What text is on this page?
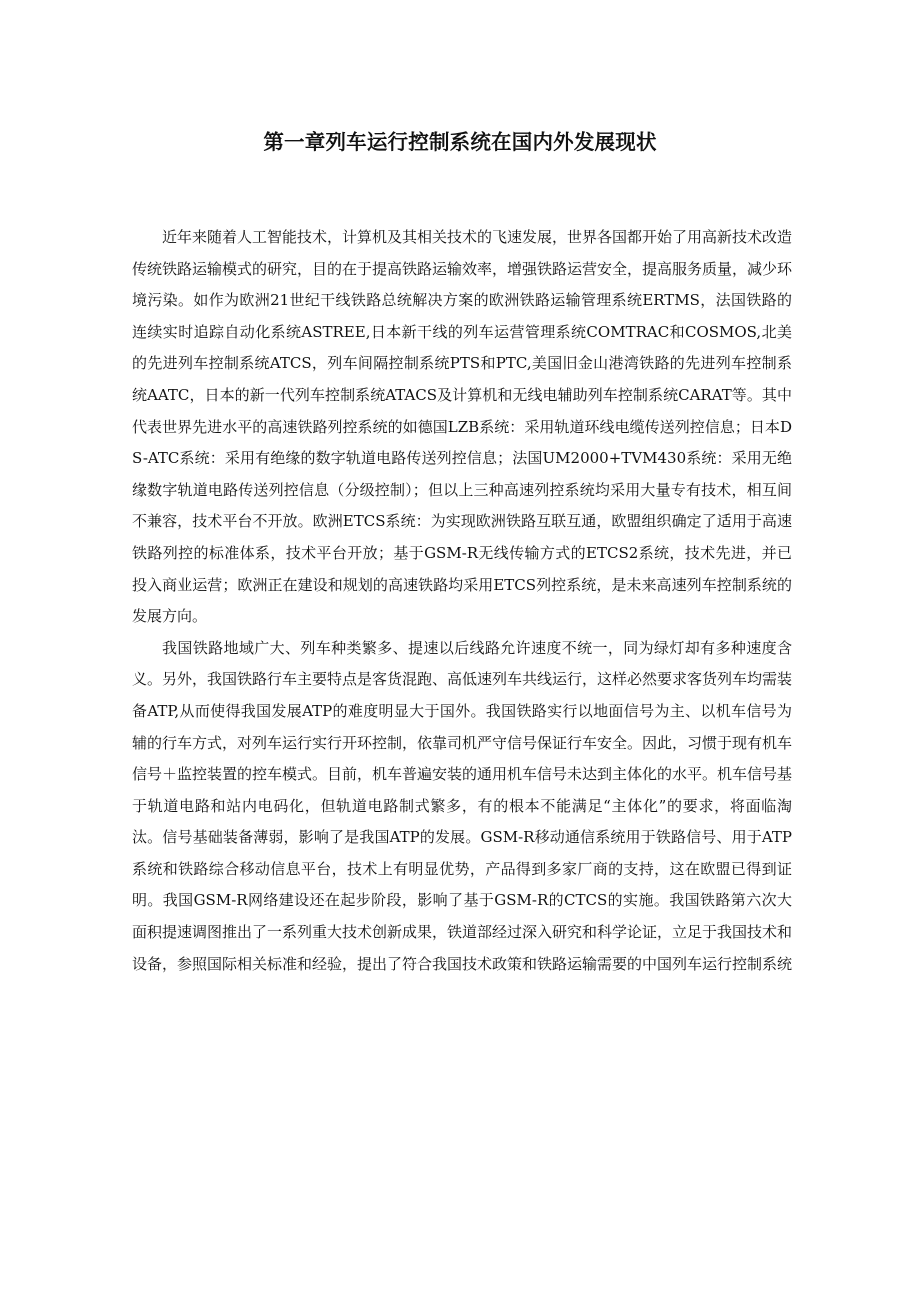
第一章列车运行控制系统在国内外发展现状

近年来随着人工智能技术，计算机及其相关技术的飞速发展，世界各国都开始了用高新技术改造传统铁路运输模式的研究，目的在于提高铁路运输效率，增强铁路运营安全，提高服务质量，减少环境污染。如作为欧洲21世纪干线铁路总统解决方案的欧洲铁路运输管理系统ERTMS，法国铁路的连续实时追踪自动化系统ASTREE,日本新干线的列车运营管理系统COMTRAC和COSMOS,北美的先进列车控制系统ATCS，列车间隔控制系统PTS和PTC,美国旧金山港湾铁路的先进列车控制系统AATC，日本的新一代列车控制系统ATACS及计算机和无线电辅助列车控制系统CARAT等。其中代表世界先进水平的高速铁路列控系统的如德国LZB系统：采用轨道环线电缆传送列控信息；日本DS-ATC系统：采用有绝缘的数字轨道电路传送列控信息；法国UM2000+TVM430系统：采用无绝缘数字轨道电路传送列控信息（分级控制）；但以上三种高速列控系统均采用大量专有技术，相互间不兼容，技术平台不开放。欧洲ETCS系统：为实现欧洲铁路互联互通，欧盟组织确定了适用于高速铁路列控的标准体系，技术平台开放；基于GSM-R无线传输方式的ETCS2系统，技术先进，并已投入商业运营；欧洲正在建设和规划的高速铁路均采用ETCS列控系统，是未来高速列车控制系统的发展方向。

我国铁路地域广大、列车种类繁多、提速以后线路允许速度不统一，同为绿灯却有多种速度含义。另外，我国铁路行车主要特点是客货混跑、高低速列车共线运行，这样必然要求客货列车均需装备ATP,从而使得我国发展ATP的难度明显大于国外。我国铁路实行以地面信号为主、以机车信号为辅的行车方式，对列车运行实行开环控制，依靠司机严守信号保证行车安全。因此，习惯于现有机车信号＋监控装置的控车模式。目前，机车普遍安装的通用机车信号未达到主体化的水平。机车信号基于轨道电路和站内电码化，但轨道电路制式繁多，有的根本不能满足“主体化”的要求，将面临淘汰。信号基础装备薄弱，影响了是我国ATP的发展。GSM-R移动通信系统用于铁路信号、用于ATP系统和铁路综合移动信息平台，技术上有明显优势，产品得到多家厂商的支持，这在欧盟已得到证明。我国GSM-R网络建设还在起步阶段，影响了基于GSM-R的CTCS的实施。我国铁路第六次大面积提速调图推出了一系列重大技术创新成果，铁道部经过深入研究和科学论证，立足于我国技术和设备，参照国际相关标准和经验，提出了符合我国技术政策和铁路运输需要的中国列车运行控制系统
